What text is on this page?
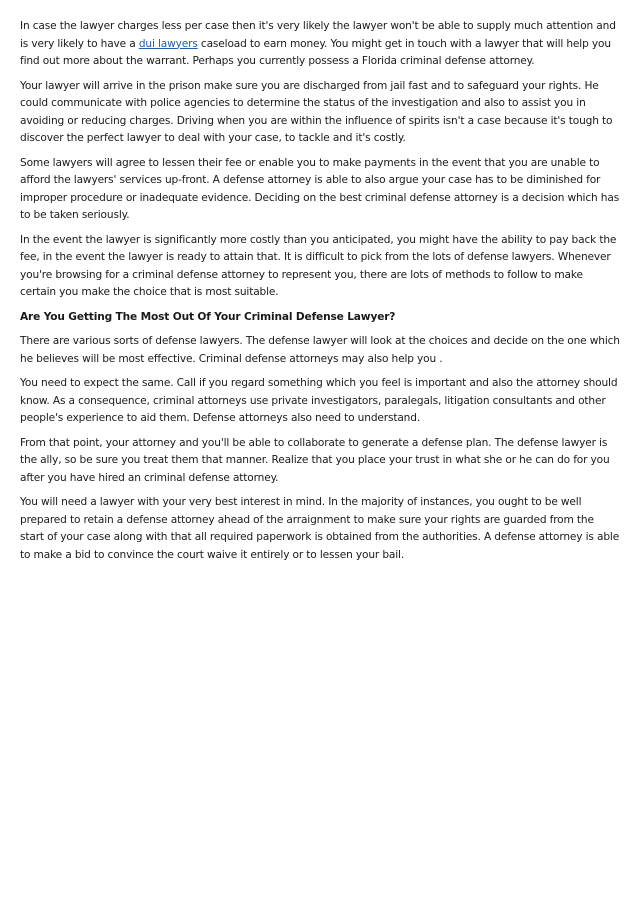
In case the lawyer charges less per case then it's very likely the lawyer won't be able to supply much attention and is very likely to have a dui lawyers caseload to earn money. You might get in touch with a lawyer that will help you find out more about the warrant. Perhaps you currently possess a Florida criminal defense attorney.

Your lawyer will arrive in the prison make sure you are discharged from jail fast and to safeguard your rights. He could communicate with police agencies to determine the status of the investigation and also to assist you in avoiding or reducing charges. Driving when you are within the influence of spirits isn't a case because it's tough to discover the perfect lawyer to deal with your case, to tackle and it's costly.

Some lawyers will agree to lessen their fee or enable you to make payments in the event that you are unable to afford the lawyers' services up-front. A defense attorney is able to also argue your case has to be diminished for improper procedure or inadequate evidence. Deciding on the best criminal defense attorney is a decision which has to be taken seriously.

In the event the lawyer is significantly more costly than you anticipated, you might have the ability to pay back the fee, in the event the lawyer is ready to attain that. It is difficult to pick from the lots of defense lawyers. Whenever you're browsing for a criminal defense attorney to represent you, there are lots of methods to follow to make certain you make the choice that is most suitable.

Are You Getting The Most Out Of Your Criminal Defense Lawyer?

There are various sorts of defense lawyers. The defense lawyer will look at the choices and decide on the one which he believes will be most effective. Criminal defense attorneys may also help you .

You need to expect the same. Call if you regard something which you feel is important and also the attorney should know. As a consequence, criminal attorneys use private investigators, paralegals, litigation consultants and other people's experience to aid them. Defense attorneys also need to understand.

From that point, your attorney and you'll be able to collaborate to generate a defense plan. The defense lawyer is the ally, so be sure you treat them that manner. Realize that you place your trust in what she or he can do for you after you have hired an criminal defense attorney.

You will need a lawyer with your very best interest in mind. In the majority of instances, you ought to be well prepared to retain a defense attorney ahead of the arraignment to make sure your rights are guarded from the start of your case along with that all required paperwork is obtained from the authorities. A defense attorney is able to make a bid to convince the court waive it entirely or to lessen your bail.
